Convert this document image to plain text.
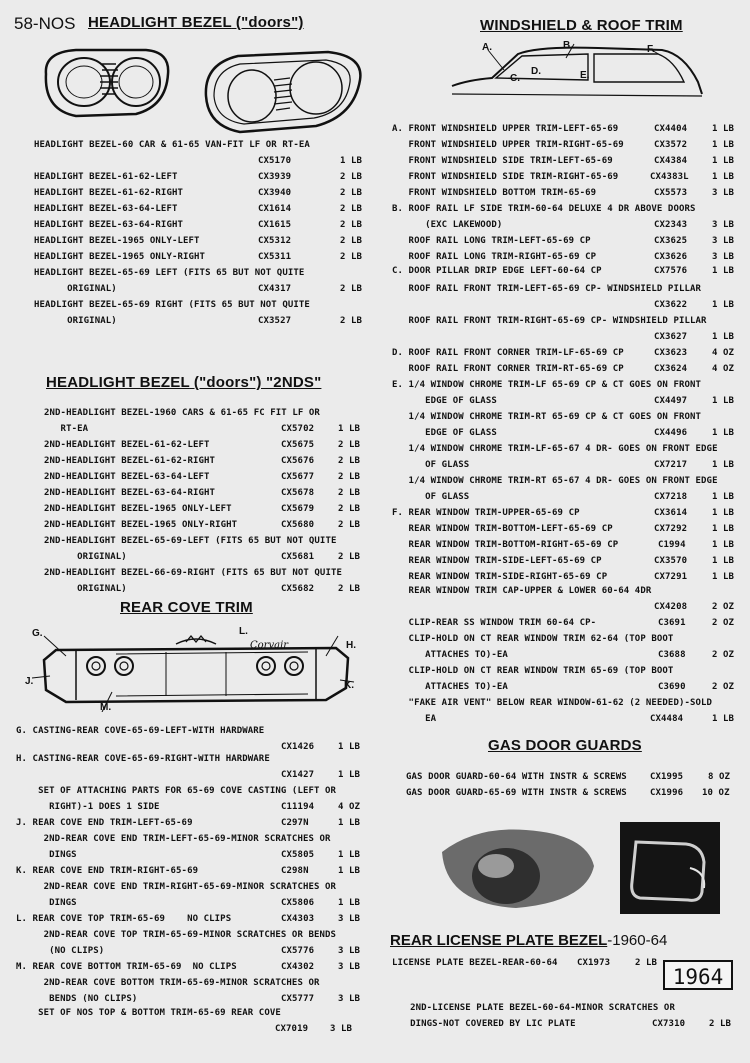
58-NOS HEADLIGHT BEZEL ("doors")
HEADLIGHT BEZEL-60 CAR & 61-65 VAN-FIT LF OR RT-EA
CX5170	1 LB
HEADLIGHT BEZEL-61-62-LEFT	CX3939	2 LB
HEADLIGHT BEZEL-61-62-RIGHT	CX3940	2 LB
HEADLIGHT BEZEL-63-64-LEFT	CX1614	2 LB
HEADLIGHT BEZEL-63-64-RIGHT	CX1615	2 LB
HEADLIGHT BEZEL-1965 ONLY-LEFT	CX5312	2 LB
HEADLIGHT BEZEL-1965 ONLY-RIGHT	CX5311	2 LB
HEADLIGHT BEZEL-65-69 LEFT (FITS 65 BUT NOT QUITE
ORIGINAL)	CX4317	2 LB
HEADLIGHT BEZEL-65-69 RIGHT (FITS 65 BUT NOT QUITE
ORIGINAL)	CX3527	2 LB
HEADLIGHT BEZEL ("doors") "2NDS"
2ND-HEADLIGHT BEZEL-1960 CARS & 61-65 FC FIT LF OR
RT-EA	CX5702	1 LB
2ND-HEADLIGHT BEZEL-61-62-LEFT	CX5675	2 LB
2ND-HEADLIGHT BEZEL-61-62-RIGHT	CX5676	2 LB
2ND-HEADLIGHT BEZEL-63-64-LEFT	CX5677	2 LB
2ND-HEADLIGHT BEZEL-63-64-RIGHT	CX5678	2 LB
2ND-HEADLIGHT BEZEL-1965 ONLY-LEFT	CX5679	2 LB
2ND-HEADLIGHT BEZEL-1965 ONLY-RIGHT	CX5680	2 LB
2ND-HEADLIGHT BEZEL-65-69-LEFT (FITS 65 BUT NOT QUITE
ORIGINAL)	CX5681	2 LB
2ND-HEADLIGHT BEZEL-66-69-RIGHT (FITS 65 BUT NOT QUITE
ORIGINAL)	CX5682	2 LB
REAR COVE TRIM
G.	L.
Corvair	H.
J.	K.
M.
G. CASTING-REAR COVE-65-69-LEFT-WITH HARDWARE
CX1426	1 LB
H. CASTING-REAR COVE-65-69-RIGHT-WITH HARDWARE
CX1427	1 LB
SET OF ATTACHING PARTS FOR 65-69 COVE CASTING (LEFT OR
RIGHT)-1 DOES 1 SIDE	C11194	4 OZ
J. REAR COVE END TRIM-LEFT-65-69	C297N	1 LB
2ND-REAR COVE END TRIM-LEFT-65-69-MINOR SCRATCHES OR
DINGS	CX5805	1 LB
K. REAR COVE END TRIM-RIGHT-65-69	C298N	1 LB
2ND-REAR COVE END TRIM-RIGHT-65-69-MINOR SCRATCHES OR
DINGS	CX5806	1 LB
L. REAR COVE TOP TRIM-65-69    NO CLIPS	CX4303	3 LB
2ND-REAR COVE TOP TRIM-65-69-MINOR SCRATCHES OR BENDS
(NO CLIPS)	CX5776	3 LB
M. REAR COVE BOTTOM TRIM-65-69  NO CLIPS	CX4302	3 LB
2ND-REAR COVE BOTTOM TRIM-65-69-MINOR SCRATCHES OR
BENDS (NO CLIPS)	CX5777	3 LB
SET OF NOS TOP & BOTTOM TRIM-65-69 REAR COVE
CX7019 3 LB
WINDSHIELD & ROOF TRIM
A.	B.	F.
D.
C.	E.
A. FRONT WINDSHIELD UPPER TRIM-LEFT-65-69	CX4404	1 LB
FRONT WINDSHIELD UPPER TRIM-RIGHT-65-69	CX3572	1 LB
FRONT WINDSHIELD SIDE TRIM-LEFT-65-69	CX4384	1 LB
FRONT WINDSHIELD SIDE TRIM-RIGHT-65-69	CX4383L	1 LB
FRONT WINDSHIELD BOTTOM TRIM-65-69	CX5573	3 LB
B. ROOF RAIL LF SIDE TRIM-60-64 DELUXE 4 DR ABOVE DOORS
(EXC LAKEWOOD)	CX2343	3 LB
ROOF RAIL LONG TRIM-LEFT-65-69 CP	CX3625	3 LB
ROOF RAIL LONG TRIM-RIGHT-65-69 CP	CX3626	3 LB
C. DOOR PILLAR DRIP EDGE LEFT-60-64 CP	CX7576	1 LB
ROOF RAIL FRONT TRIM-LEFT-65-69 CP- WINDSHIELD PILLAR
CX3622	1 LB
ROOF RAIL FRONT TRIM-RIGHT-65-69 CP- WINDSHIELD PILLAR
CX3627	1 LB
D. ROOF RAIL FRONT CORNER TRIM-LF-65-69 CP	CX3623	4 OZ
ROOF RAIL FRONT CORNER TRIM-RT-65-69 CP	CX3624	4 OZ
E. 1/4 WINDOW CHROME TRIM-LF 65-69 CP & CT GOES ON FRONT
EDGE OF GLASS	CX4497	1 LB
1/4 WINDOW CHROME TRIM-RT 65-69 CP & CT GOES ON FRONT
EDGE OF GLASS	CX4496	1 LB
1/4 WINDOW CHROME TRIM-LF-65-67 4 DR- GOES ON FRONT EDGE
OF GLASS	CX7217	1 LB
1/4 WINDOW CHROME TRIM-RT 65-67 4 DR- GOES ON FRONT EDGE
OF GLASS	CX7218	1 LB
F. REAR WINDOW TRIM-UPPER-65-69 CP	CX3614	1 LB
REAR WINDOW TRIM-BOTTOM-LEFT-65-69 CP	CX7292	1 LB
REAR WINDOW TRIM-BOTTOM-RIGHT-65-69 CP	C1994	1 LB
REAR WINDOW TRIM-SIDE-LEFT-65-69 CP	CX3570	1 LB
REAR WINDOW TRIM-SIDE-RIGHT-65-69 CP	CX7291	1 LB
REAR WINDOW TRIM CAP-UPPER & LOWER 60-64 4DR
CX4208	2 OZ
CLIP-REAR SS WINDOW TRIM 60-64 CP-	C3691	2 OZ
CLIP-HOLD ON CT REAR WINDOW TRIM 62-64 (TOP BOOT
ATTACHES TO)-EA	C3688	2 OZ
CLIP-HOLD ON CT REAR WINDOW TRIM 65-69 (TOP BOOT
ATTACHES TO)-EA	C3690	2 OZ
"FAKE AIR VENT" BELOW REAR WINDOW-61-62 (2 NEEDED)-SOLD
EA	CX4484	1 LB
GAS DOOR GUARDS
GAS DOOR GUARD-60-64 WITH INSTR & SCREWS	CX1995	8 OZ
GAS DOOR GUARD-65-69 WITH INSTR & SCREWS	CX1996 10 OZ
REAR LICENSE PLATE BEZEL-1960-64
LICENSE PLATE BEZEL-REAR-60-64 CX1973	2 LB
1964
2ND-LICENSE PLATE BEZEL-60-64-MINOR SCRATCHES OR
DINGS-NOT COVERED BY LIC PLATE	CX7310	2 LB
